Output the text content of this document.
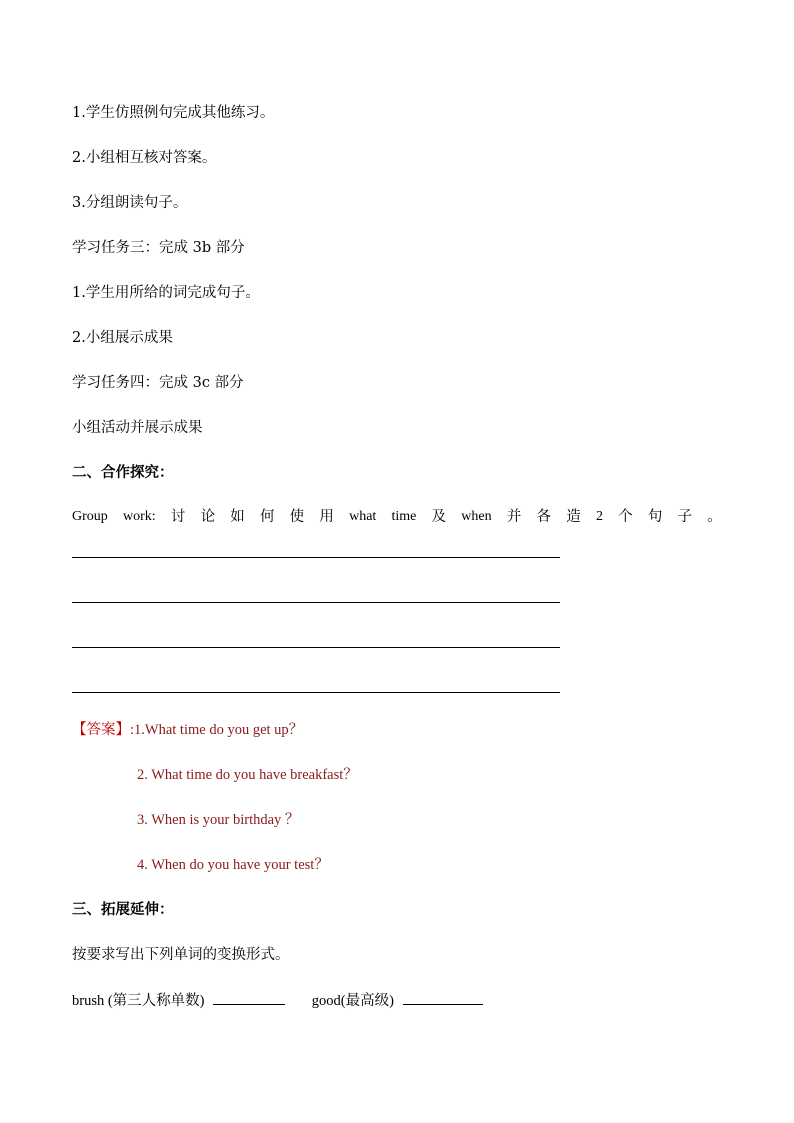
1.学生仿照例句完成其他练习。
2.小组相互核对答案。
3.分组朗读句子。
学习任务三：完成 3b 部分
1.学生用所给的词完成句子。
2.小组展示成果
学习任务四：完成 3c 部分
小组活动并展示成果
二、合作探究：
Group work: 讨 论 如 何 使 用 what time 及 when 并 各 造 2 个 句 子 。
【答案】:1.What time do you get up？
2. What time do you have breakfast？
3. When is your birthday ？
4. When do you have your test？
三、拓展延伸：
按要求写出下列单词的变换形式。
brush (第三人称单数)	good(最高级)
